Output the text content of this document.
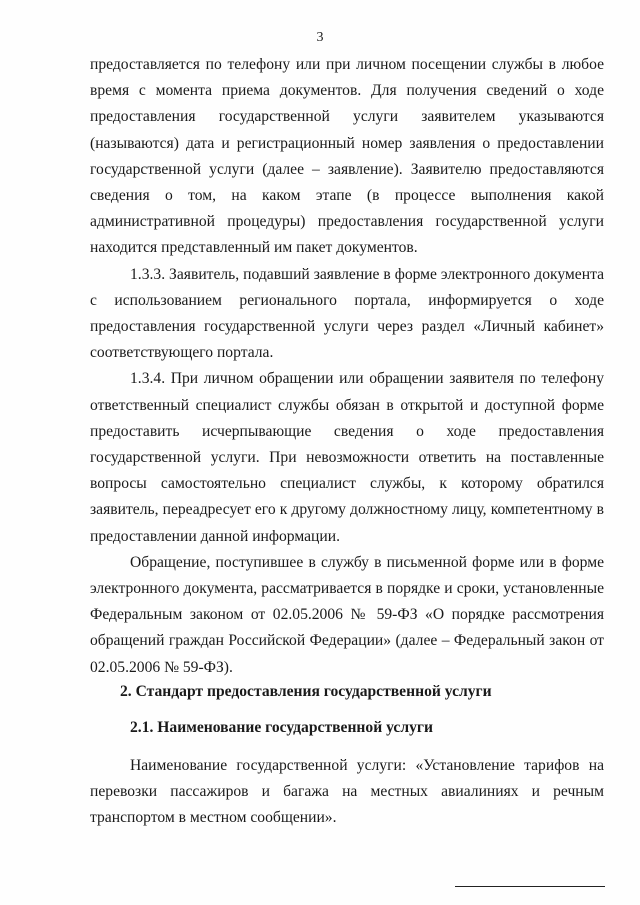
3

предоставляется по телефону или при личном посещении службы в любое время с момента приема документов. Для получения сведений о ходе предоставления государственной услуги заявителем указываются (называются) дата и регистрационный номер заявления о предоставлении государственной услуги (далее – заявление). Заявителю предоставляются сведения о том, на каком этапе (в процессе выполнения какой административной процедуры) предоставления государственной услуги находится представленный им пакет документов.

1.3.3. Заявитель, подавший заявление в форме электронного документа с использованием регионального портала, информируется о ходе предоставления государственной услуги через раздел «Личный кабинет» соответствующего портала.

1.3.4. При личном обращении или обращении заявителя по телефону ответственный специалист службы обязан в открытой и доступной форме предоставить исчерпывающие сведения о ходе предоставления государственной услуги. При невозможности ответить на поставленные вопросы самостоятельно специалист службы, к которому обратился заявитель, переадресует его к другому должностному лицу, компетентному в предоставлении данной информации.

Обращение, поступившее в службу в письменной форме или в форме электронного документа, рассматривается в порядке и сроки, установленные Федеральным законом от 02.05.2006 № 59-ФЗ «О порядке рассмотрения обращений граждан Российской Федерации» (далее – Федеральный закон от 02.05.2006 № 59-ФЗ).

2. Стандарт предоставления государственной услуги
2.1. Наименование государственной услуги

Наименование государственной услуги: «Установление тарифов на перевозки пассажиров и багажа на местных авиалиниях и речным транспортом в местном сообщении».
